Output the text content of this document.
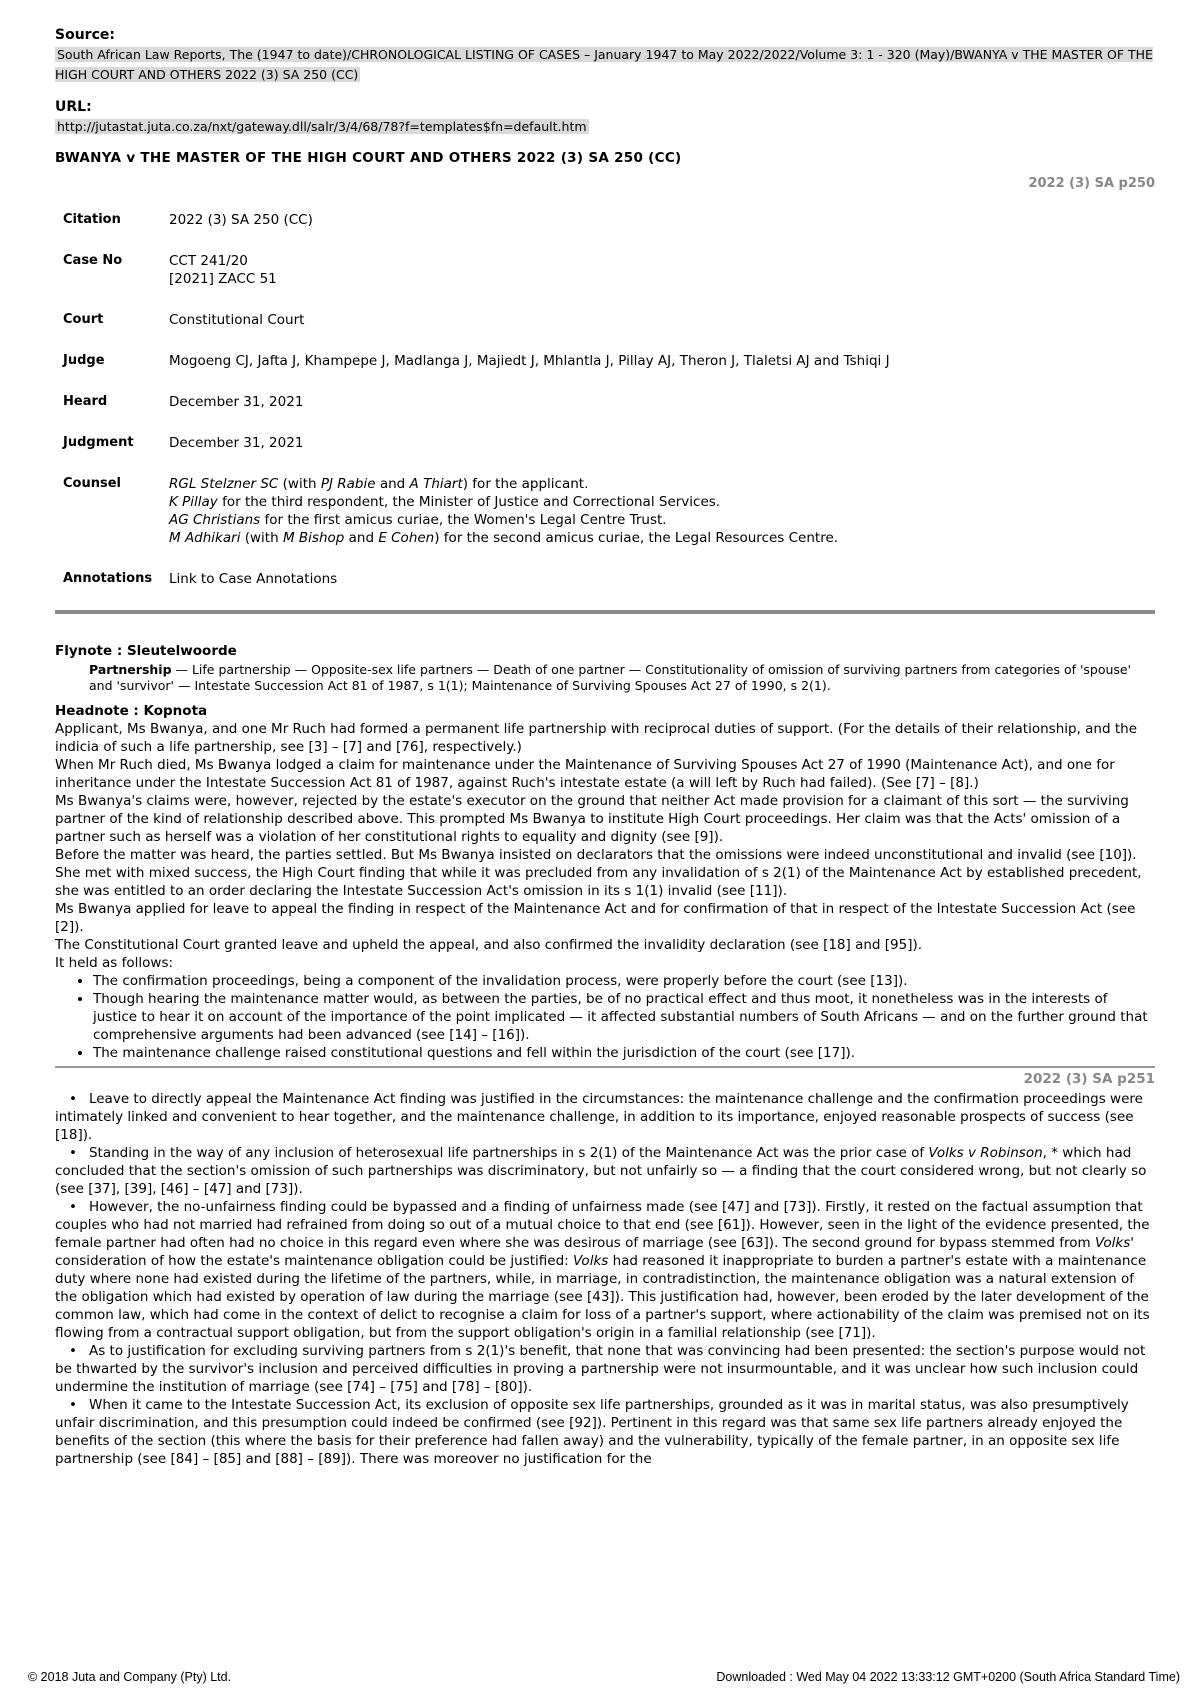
Source:

South African Law Reports, The (1947 to date)/CHRONOLOGICAL LISTING OF CASES – January 1947 to May 2022/2022/Volume 3: 1 - 320 (May)/BWANYA v THE MASTER OF THE HIGH COURT AND OTHERS 2022 (3) SA 250 (CC)

URL:

http://jutastat.juta.co.za/nxt/gateway.dll/salr/3/4/68/78?f=templates$fn=default.htm

BWANYA v THE MASTER OF THE HIGH COURT AND OTHERS 2022 (3) SA 250 (CC)

2022 (3) SA p250

Citation	2022 (3) SA 250 (CC)
Case No	CCT 241/20
[2021] ZACC 51

Court	Constitutional Court
Judge	Mogoeng CJ, Jafta J, Khampepe J, Madlanga J, Majiedt J, Mhlantla J, Pillay AJ, Theron J, Tlaletsi AJ and Tshiqi J
Heard	December 31, 2021
Judgment	December 31, 2021
Counsel	RGL Stelzner SC (with PJ Rabie and A Thiart) for the applicant.
K Pillay for the third respondent, the Minister of Justice and Correctional Services.
AG Christians for the first amicus curiae, the Women's Legal Centre Trust.
M Adhikari (with M Bishop and E Cohen) for the second amicus curiae, the Legal Resources Centre.

Annotations	Link to Case Annotations

Flynote : Sleutelwoorde

Partnership — Life partnership — Opposite-sex life partners — Death of one partner — Constitutionality of omission of surviving partners from categories of 'spouse' and 'survivor' — Intestate Succession Act 81 of 1987, s 1(1); Maintenance of Surviving Spouses Act 27 of 1990, s 2(1).

Headnote : Kopnota

Applicant, Ms Bwanya, and one Mr Ruch had formed a permanent life partnership with reciprocal duties of support. (For the details of their relationship, and the indicia of such a life partnership, see [3] – [7] and [76], respectively.)

When Mr Ruch died, Ms Bwanya lodged a claim for maintenance under the Maintenance of Surviving Spouses Act 27 of 1990 (Maintenance Act), and one for inheritance under the Intestate Succession Act 81 of 1987, against Ruch's intestate estate (a will left by Ruch had failed). (See [7] – [8].)

Ms Bwanya's claims were, however, rejected by the estate's executor on the ground that neither Act made provision for a claimant of this sort — the surviving partner of the kind of relationship described above. This prompted Ms Bwanya to institute High Court proceedings. Her claim was that the Acts' omission of a partner such as herself was a violation of her constitutional rights to equality and dignity (see [9]).

Before the matter was heard, the parties settled. But Ms Bwanya insisted on declarators that the omissions were indeed unconstitutional and invalid (see [10]). She met with mixed success, the High Court finding that while it was precluded from any invalidation of s 2(1) of the Maintenance Act by established precedent, she was entitled to an order declaring the Intestate Succession Act's omission in its s 1(1) invalid (see [11]).

Ms Bwanya applied for leave to appeal the finding in respect of the Maintenance Act and for confirmation of that in respect of the Intestate Succession Act (see [2]).

The Constitutional Court granted leave and upheld the appeal, and also confirmed the invalidity declaration (see [18] and [95]).

It held as follows:

• The confirmation proceedings, being a component of the invalidation process, were properly before the court (see [13]).
• Though hearing the maintenance matter would, as between the parties, be of no practical effect and thus moot, it nonetheless was in the interests of justice to hear it on account of the importance of the point implicated — it affected substantial numbers of South Africans — and on the further ground that comprehensive arguments had been advanced (see [14] – [16]).
• The maintenance challenge raised constitutional questions and fell within the jurisdiction of the court (see [17]).

2022 (3) SA p251

• Leave to directly appeal the Maintenance Act finding was justified in the circumstances: the maintenance challenge and the confirmation proceedings were intimately linked and convenient to hear together, and the maintenance challenge, in addition to its importance, enjoyed reasonable prospects of success (see [18]).
• Standing in the way of any inclusion of heterosexual life partnerships in s 2(1) of the Maintenance Act was the prior case of Volks v Robinson, * which had concluded that the section's omission of such partnerships was discriminatory, but not unfairly so — a finding that the court considered wrong, but not clearly so (see [37], [39], [46] – [47] and [73]).
• However, the no-unfairness finding could be bypassed and a finding of unfairness made (see [47] and [73]). Firstly, it rested on the factual assumption that couples who had not married had refrained from doing so out of a mutual choice to that end (see [61]). However, seen in the light of the evidence presented, the female partner had often had no choice in this regard even where she was desirous of marriage (see [63]). The second ground for bypass stemmed from Volks' consideration of how the estate's maintenance obligation could be justified: Volks had reasoned it inappropriate to burden a partner's estate with a maintenance duty where none had existed during the lifetime of the partners, while, in marriage, in contradistinction, the maintenance obligation was a natural extension of the obligation which had existed by operation of law during the marriage (see [43]). This justification had, however, been eroded by the later development of the common law, which had come in the context of delict to recognise a claim for loss of a partner's support, where actionability of the claim was premised not on its flowing from a contractual support obligation, but from the support obligation's origin in a familial relationship (see [71]).
• As to justification for excluding surviving partners from s 2(1)'s benefit, that none that was convincing had been presented: the section's purpose would not be thwarted by the survivor's inclusion and perceived difficulties in proving a partnership were not insurmountable, and it was unclear how such inclusion could undermine the institution of marriage (see [74] – [75] and [78] – [80]).
• When it came to the Intestate Succession Act, its exclusion of opposite sex life partnerships, grounded as it was in marital status, was also presumptively unfair discrimination, and this presumption could indeed be confirmed (see [92]). Pertinent in this regard was that same sex life partners already enjoyed the benefits of the section (this where the basis for their preference had fallen away) and the vulnerability, typically of the female partner, in an opposite sex life partnership (see [84] – [85] and [88] – [89]). There was moreover no justification for the
© 2018 Juta and Company (Pty) Ltd.	Downloaded : Wed May 04 2022 13:33:12 GMT+0200 (South Africa Standard Time)
